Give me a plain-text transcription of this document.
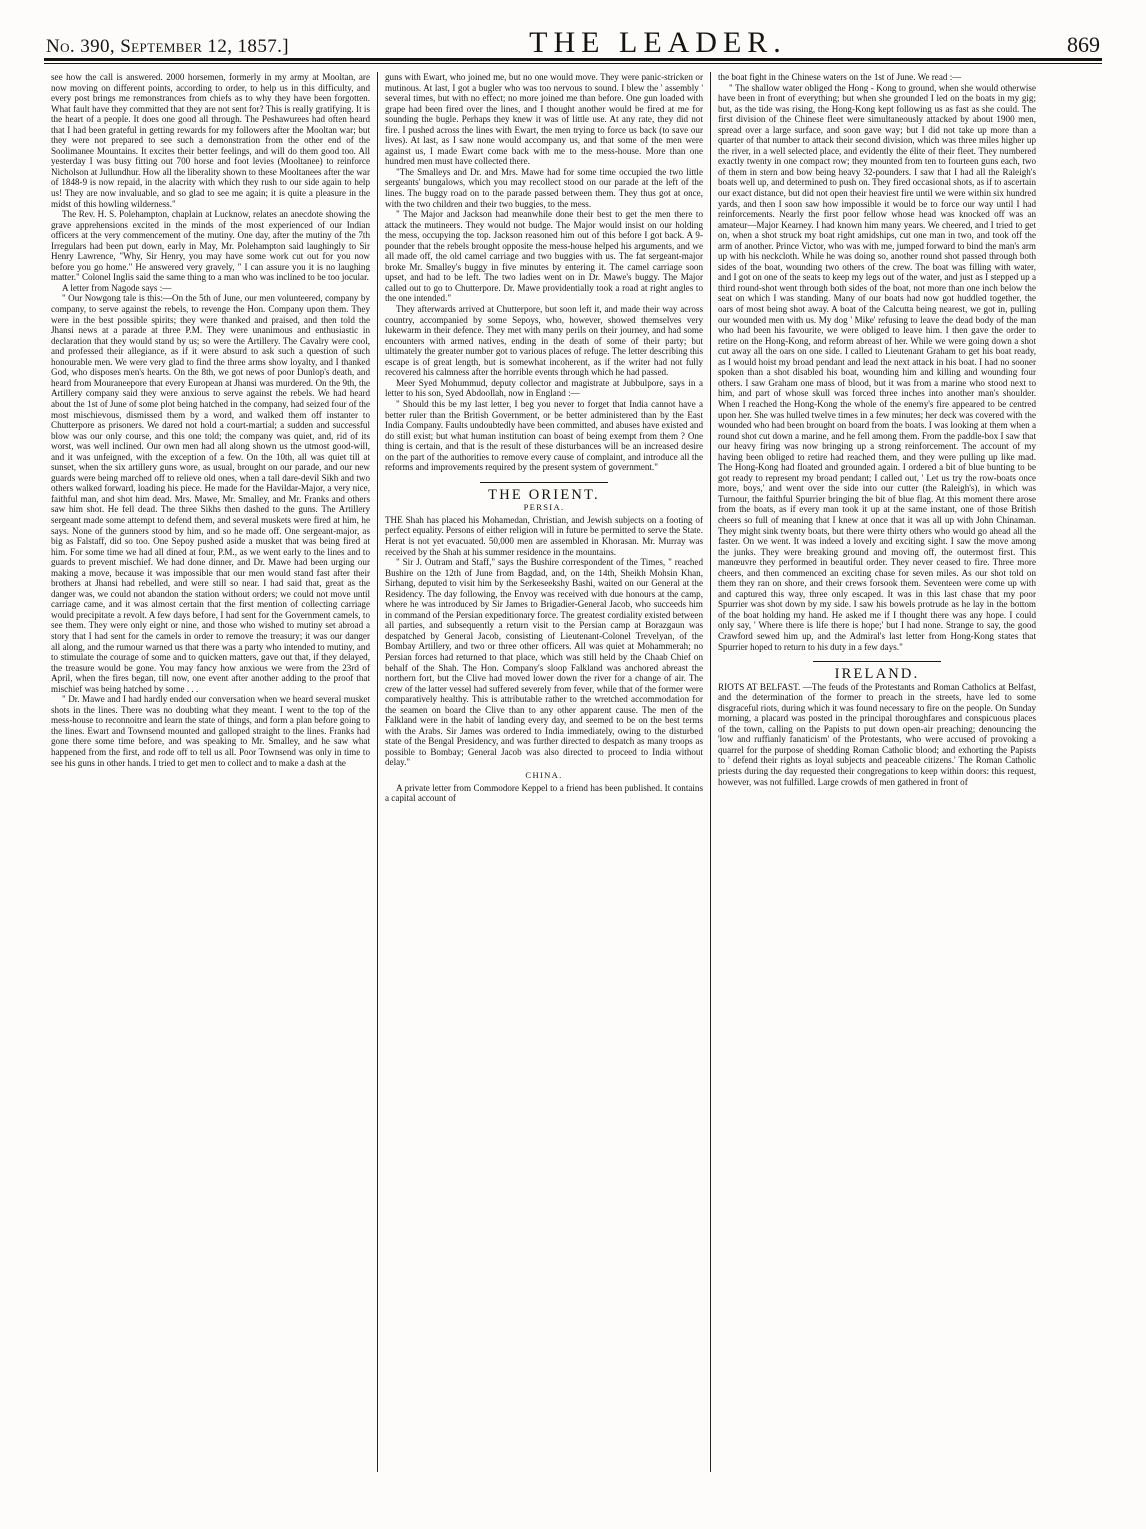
No. 390, September 12, 1857.]	THE LEADER.	869

see how the call is answered. 2000 horsemen, formerly in my army at Mooltan, are now moving on different points, according to order, to help us in this difficulty, and every post brings me remonstrances from chiefs as to why they have been forgotten. What fault have they committed that they are not sent for? This is really gratifying. It is the heart of a people. It does one good all through. The Peshawurees had often heard that I had been grateful in getting rewards for my followers after the Mooltan war; but they were not prepared to see such a demonstration from the other end of the Soolimanee Mountains. It excites their better feelings, and will do them good too. All yesterday I was busy fitting out 700 horse and foot levies (Mooltanee) to reinforce Nicholson at Jullundhur. How all the liberality shown to these Mooltanees after the war of 1848-9 is now repaid, in the alacrity with which they rush to our side again to help us! They are now invaluable, and so glad to see me again; it is quite a pleasure in the midst of this howling wilderness."

The Rev. H. S. Polehampton, chaplain at Lucknow, relates an anecdote showing the grave apprehensions excited in the minds of the most experienced of our Indian officers at the very commencement of the mutiny. One day, after the mutiny of the 7th Irregulars had been put down, early in May, Mr. Polehampton said laughingly to Sir Henry Lawrence, "Why, Sir Henry, you may have some work cut out for you now before you go home." He answered very gravely, " I can assure you it is no laughing matter." Colonel Inglis said the same thing to a man who was inclined to be too jocular.

A letter from Nagode says :—

" Our Nowgong tale is this:—On the 5th of June, our men volunteered, company by company, to serve against the rebels, to revenge the Hon. Company upon them. They were in the best possible spirits; they were thanked and praised, and then told the Jhansi news at a parade at three P.M. They were unanimous and enthusiastic in declaration that they would stand by us; so were the Artillery. The Cavalry were cool, and professed their allegiance, as if it were absurd to ask such a question of such honourable men. We were very glad to find the three arms show loyalty, and I thanked God, who disposes men's hearts. On the 8th, we got news of poor Dunlop's death, and heard from Mouraneepore that every European at Jhansi was murdered. On the 9th, the Artillery company said they were anxious to serve against the rebels. We had heard about the 1st of June of some plot being hatched in the company, had seized four of the most mischievous, dismissed them by a word, and walked them off instanter to Chutterpore as prisoners. We dared not hold a court-martial; a sudden and successful blow was our only course, and this one told; the company was quiet, and, rid of its worst, was well inclined. Our own men had all along shown us the utmost good-will, and it was unfeigned, with the exception of a few. On the 10th, all was quiet till at sunset, when the six artillery guns wore, as usual, brought on our parade, and our new guards were being marched off to relieve old ones, when a tall dare-devil Sikh and two others walked forward, loading his piece. He made for the Havildar-Major, a very nice, faithful man, and shot him dead. Mrs. Mawe, Mr. Smalley, and Mr. Franks and others saw him shot. He fell dead. The three Sikhs then dashed to the guns. The Artillery sergeant made some attempt to defend them, and several muskets were fired at him, he says. None of the gunners stood by him, and so he made off. One sergeant-major, as big as Falstaff, did so too. One Sepoy pushed aside a musket that was being fired at him. For some time we had all dined at four, P.M., as we went early to the lines and to guards to prevent mischief. We had done dinner, and Dr. Mawe had been urging our making a move, because it was impossible that our men would stand fast after their brothers at Jhansi had rebelled, and were still so near. I had said that, great as the danger was, we could not abandon the station without orders; we could not move until carriage came, and it was almost certain that the first mention of collecting carriage would precipitate a revolt. A few days before, I had sent for the Government camels, to see them. They were only eight or nine, and those who wished to mutiny set abroad a story that I had sent for the camels in order to remove the treasury; it was our danger all along, and the rumour warned us that there was a party who intended to mutiny, and to stimulate the courage of some and to quicken matters, gave out that, if they delayed, the treasure would be gone. You may fancy how anxious we were from the 23rd of April, when the fires began, till now, one event after another adding to the proof that mischief was being hatched by some . . .

" Dr. Mawe and I had hardly ended our conversation when we heard several musket shots in the lines. There was no doubting what they meant. I went to the top of the mess-house to reconnoitre and learn the state of things, and form a plan before going to the lines. Ewart and Townsend mounted and galloped straight to the lines. Franks had gone there some time before, and was speaking to Mr. Smalley, and he saw what happened from the first, and rode off to tell us all. Poor Townsend was only in time to see his guns in other hands. I tried to get men to collect and to make a dash at the

guns with Ewart, who joined me, but no one would move. They were panic-stricken or mutinous. At last, I got a bugler who was too nervous to sound. I blew the ' assembly ' several times, but with no effect; no more joined me than before. One gun loaded with grape had been fired over the lines, and I thought another would be fired at me for sounding the bugle. Perhaps they knew it was of little use. At any rate, they did not fire. I pushed across the lines with Ewart, the men trying to force us back (to save our lives). At last, as I saw none would accompany us, and that some of the men were against us, I made Ewart come back with me to the mess-house. More than one hundred men must have collected there.

"The Smalleys and Dr. and Mrs. Mawe had for some time occupied the two little sergeants' bungalows, which you may recollect stood on our parade at the left of the lines. The buggy road on to the parade passed between them. They thus got at once, with the two children and their two buggies, to the mess.

" The Major and Jackson had meanwhile done their best to get the men there to attack the mutineers. They would not budge. The Major would insist on our holding the mess, occupying the top. Jackson reasoned him out of this before I got back. A 9-pounder that the rebels brought opposite the mess-house helped his arguments, and we all made off, the old camel carriage and two buggies with us. The fat sergeant-major broke Mr. Smalley's buggy in five minutes by entering it. The camel carriage soon upset, and had to be left. The two ladies went on in Dr. Mawe's buggy. The Major called out to go to Chutterpore. Dr. Mawe providentially took a road at right angles to the one intended."

They afterwards arrived at Chutterpore, but soon left it, and made their way across country, accompanied by some Sepoys, who, however, showed themselves very lukewarm in their defence. They met with many perils on their journey, and had some encounters with armed natives, ending in the death of some of their party; but ultimately the greater number got to various places of refuge. The letter describing this escape is of great length, but is somewhat incoherent, as if the writer had not fully recovered his calmness after the horrible events through which he had passed.

Meer Syed Mohummud, deputy collector and magistrate at Jubbulpore, says in a letter to his son, Syed Abdoollah, now in England :—

" Should this be my last letter, I beg you never to forget that India cannot have a better ruler than the British Government, or be better administered than by the East India Company. Faults undoubtedly have been committed, and abuses have existed and do still exist; but what human institution can boast of being exempt from them ? One thing is certain, and that is the result of these disturbances will be an increased desire on the part of the authorities to remove every cause of complaint, and introduce all the reforms and improvements required by the present system of government."

THE ORIENT.
PERSIA.

THE Shah has placed his Mohamedan, Christian, and Jewish subjects on a footing of perfect equality. Persons of either religion will in future be permitted to serve the State. Herat is not yet evacuated. 50,000 men are assembled in Khorasan. Mr. Murray was received by the Shah at his summer residence in the mountains.

" Sir J. Outram and Staff," says the Bushire correspondent of the Times, " reached Bushire on the 12th of June from Bagdad, and, on the 14th, Sheikh Mohsin Khan, Sirhang, deputed to visit him by the Serkeseekshy Bashi, waited on our General at the Residency. The day following, the Envoy was received with due honours at the camp, where he was introduced by Sir James to Brigadier-General Jacob, who succeeds him in command of the Persian expeditionary force. The greatest cordiality existed between all parties, and subsequently a return visit to the Persian camp at Borazgaun was despatched by General Jacob, consisting of Lieutenant-Colonel Trevelyan, of the Bombay Artillery, and two or three other officers. All was quiet at Mohammerah; no Persian forces had returned to that place, which was still held by the Chaab Chief on behalf of the Shah. The Hon. Company's sloop Falkland was anchored abreast the northern fort, but the Clive had moved lower down the river for a change of air. The crew of the latter vessel had suffered severely from fever, while that of the former were comparatively healthy. This is attributable rather to the wretched accommodation for the seamen on board the Clive than to any other apparent cause. The men of the Falkland were in the habit of landing every day, and seemed to be on the best terms with the Arabs. Sir James was ordered to India immediately, owing to the disturbed state of the Bengal Presidency, and was further directed to despatch as many troops as possible to Bombay; General Jacob was also directed to proceed to India without delay."

CHINA.

A private letter from Commodore Keppel to a friend has been published. It contains a capital account of

the boat fight in the Chinese waters on the 1st of June. We read :—

" The shallow water obliged the Hong - Kong to ground, when she would otherwise have been in front of everything; but when she grounded I led on the boats in my gig; but, as the tide was rising, the Hong-Kong kept following us as fast as she could. The first division of the Chinese fleet were simultaneously attacked by about 1900 men, spread over a large surface, and soon gave way; but I did not take up more than a quarter of that number to attack their second division, which was three miles higher up the river, in a well selected place, and evidently the élite of their fleet. They numbered exactly twenty in one compact row; they mounted from ten to fourteen guns each, two of them in stern and bow being heavy 32-pounders. I saw that I had all the Raleigh's boats well up, and determined to push on. They fired occasional shots, as if to ascertain our exact distance, but did not open their heaviest fire until we were within six hundred yards, and then I soon saw how impossible it would be to force our way until I had reinforcements. Nearly the first poor fellow whose head was knocked off was an amateur—Major Kearney. I had known him many years. We cheered, and I tried to get on, when a shot struck my boat right amidships, cut one man in two, and took off the arm of another. Prince Victor, who was with me, jumped forward to bind the man's arm up with his neckcloth. While he was doing so, another round shot passed through both sides of the boat, wounding two others of the crew. The boat was filling with water, and I got on one of the seats to keep my legs out of the water, and just as I stepped up a third round-shot went through both sides of the boat, not more than one inch below the seat on which I was standing. Many of our boats had now got huddled together, the oars of most being shot away. A boat of the Calcutta being nearest, we got in, pulling our wounded men with us. My dog ' Mike' refusing to leave the dead body of the man who had been his favourite, we were obliged to leave him. I then gave the order to retire on the Hong-Kong, and reform abreast of her. While we were going down a shot cut away all the oars on one side. I called to Lieutenant Graham to get his boat ready, as I would hoist my broad pendant and lead the next attack in his boat. I had no sooner spoken than a shot disabled his boat, wounding him and killing and wounding four others. I saw Graham one mass of blood, but it was from a marine who stood next to him, and part of whose skull was forced three inches into another man's shoulder. When I reached the Hong-Kong the whole of the enemy's fire appeared to be centred upon her. She was hulled twelve times in a few minutes; her deck was covered with the wounded who had been brought on board from the boats. I was looking at them when a round shot cut down a marine, and he fell among them. From the paddle-box I saw that our heavy firing was now bringing up a strong reinforcement. The account of my having been obliged to retire had reached them, and they were pulling up like mad. The Hong-Kong had floated and grounded again. I ordered a bit of blue bunting to be got ready to represent my broad pendant; I called out, ' Let us try the row-boats once more, boys,' and went over the side into our cutter (the Raleigh's), in which was Turnour, the faithful Spurrier bringing the bit of blue flag. At this moment there arose from the boats, as if every man took it up at the same instant, one of those British cheers so full of meaning that I knew at once that it was all up with John Chinaman. They might sink twenty boats, but there were thirty others who would go ahead all the faster. On we went. It was indeed a lovely and exciting sight. I saw the move among the junks. They were breaking ground and moving off, the outermost first. This manœuvre they performed in beautiful order. They never ceased to fire. Three more cheers, and then commenced an exciting chase for seven miles. As our shot told on them they ran on shore, and their crews forsook them. Seventeen were come up with and captured this way, three only escaped. It was in this last chase that my poor Spurrier was shot down by my side. I saw his bowels protrude as he lay in the bottom of the boat holding my hand. He asked me if I thought there was any hope. I could only say, ' Where there is life there is hope;' but I had none. Strange to say, the good Crawford sewed him up, and the Admiral's last letter from Hong-Kong states that Spurrier hoped to return to his duty in a few days."

IRELAND.

RIOTS AT BELFAST. —The feuds of the Protestants and Roman Catholics at Belfast, and the determination of the former to preach in the streets, have led to some disgraceful riots, during which it was found necessary to fire on the people. On Sunday morning, a placard was posted in the principal thoroughfares and conspicuous places of the town, calling on the Papists to put down open-air preaching; denouncing the 'low and ruffianly fanaticism' of the Protestants, who were accused of provoking a quarrel for the purpose of shedding Roman Catholic blood; and exhorting the Papists to ' defend their rights as loyal subjects and peaceable citizens.' The Roman Catholic priests during the day requested their congregations to keep within doors: this request, however, was not fulfilled. Large crowds of men gathered in front of
